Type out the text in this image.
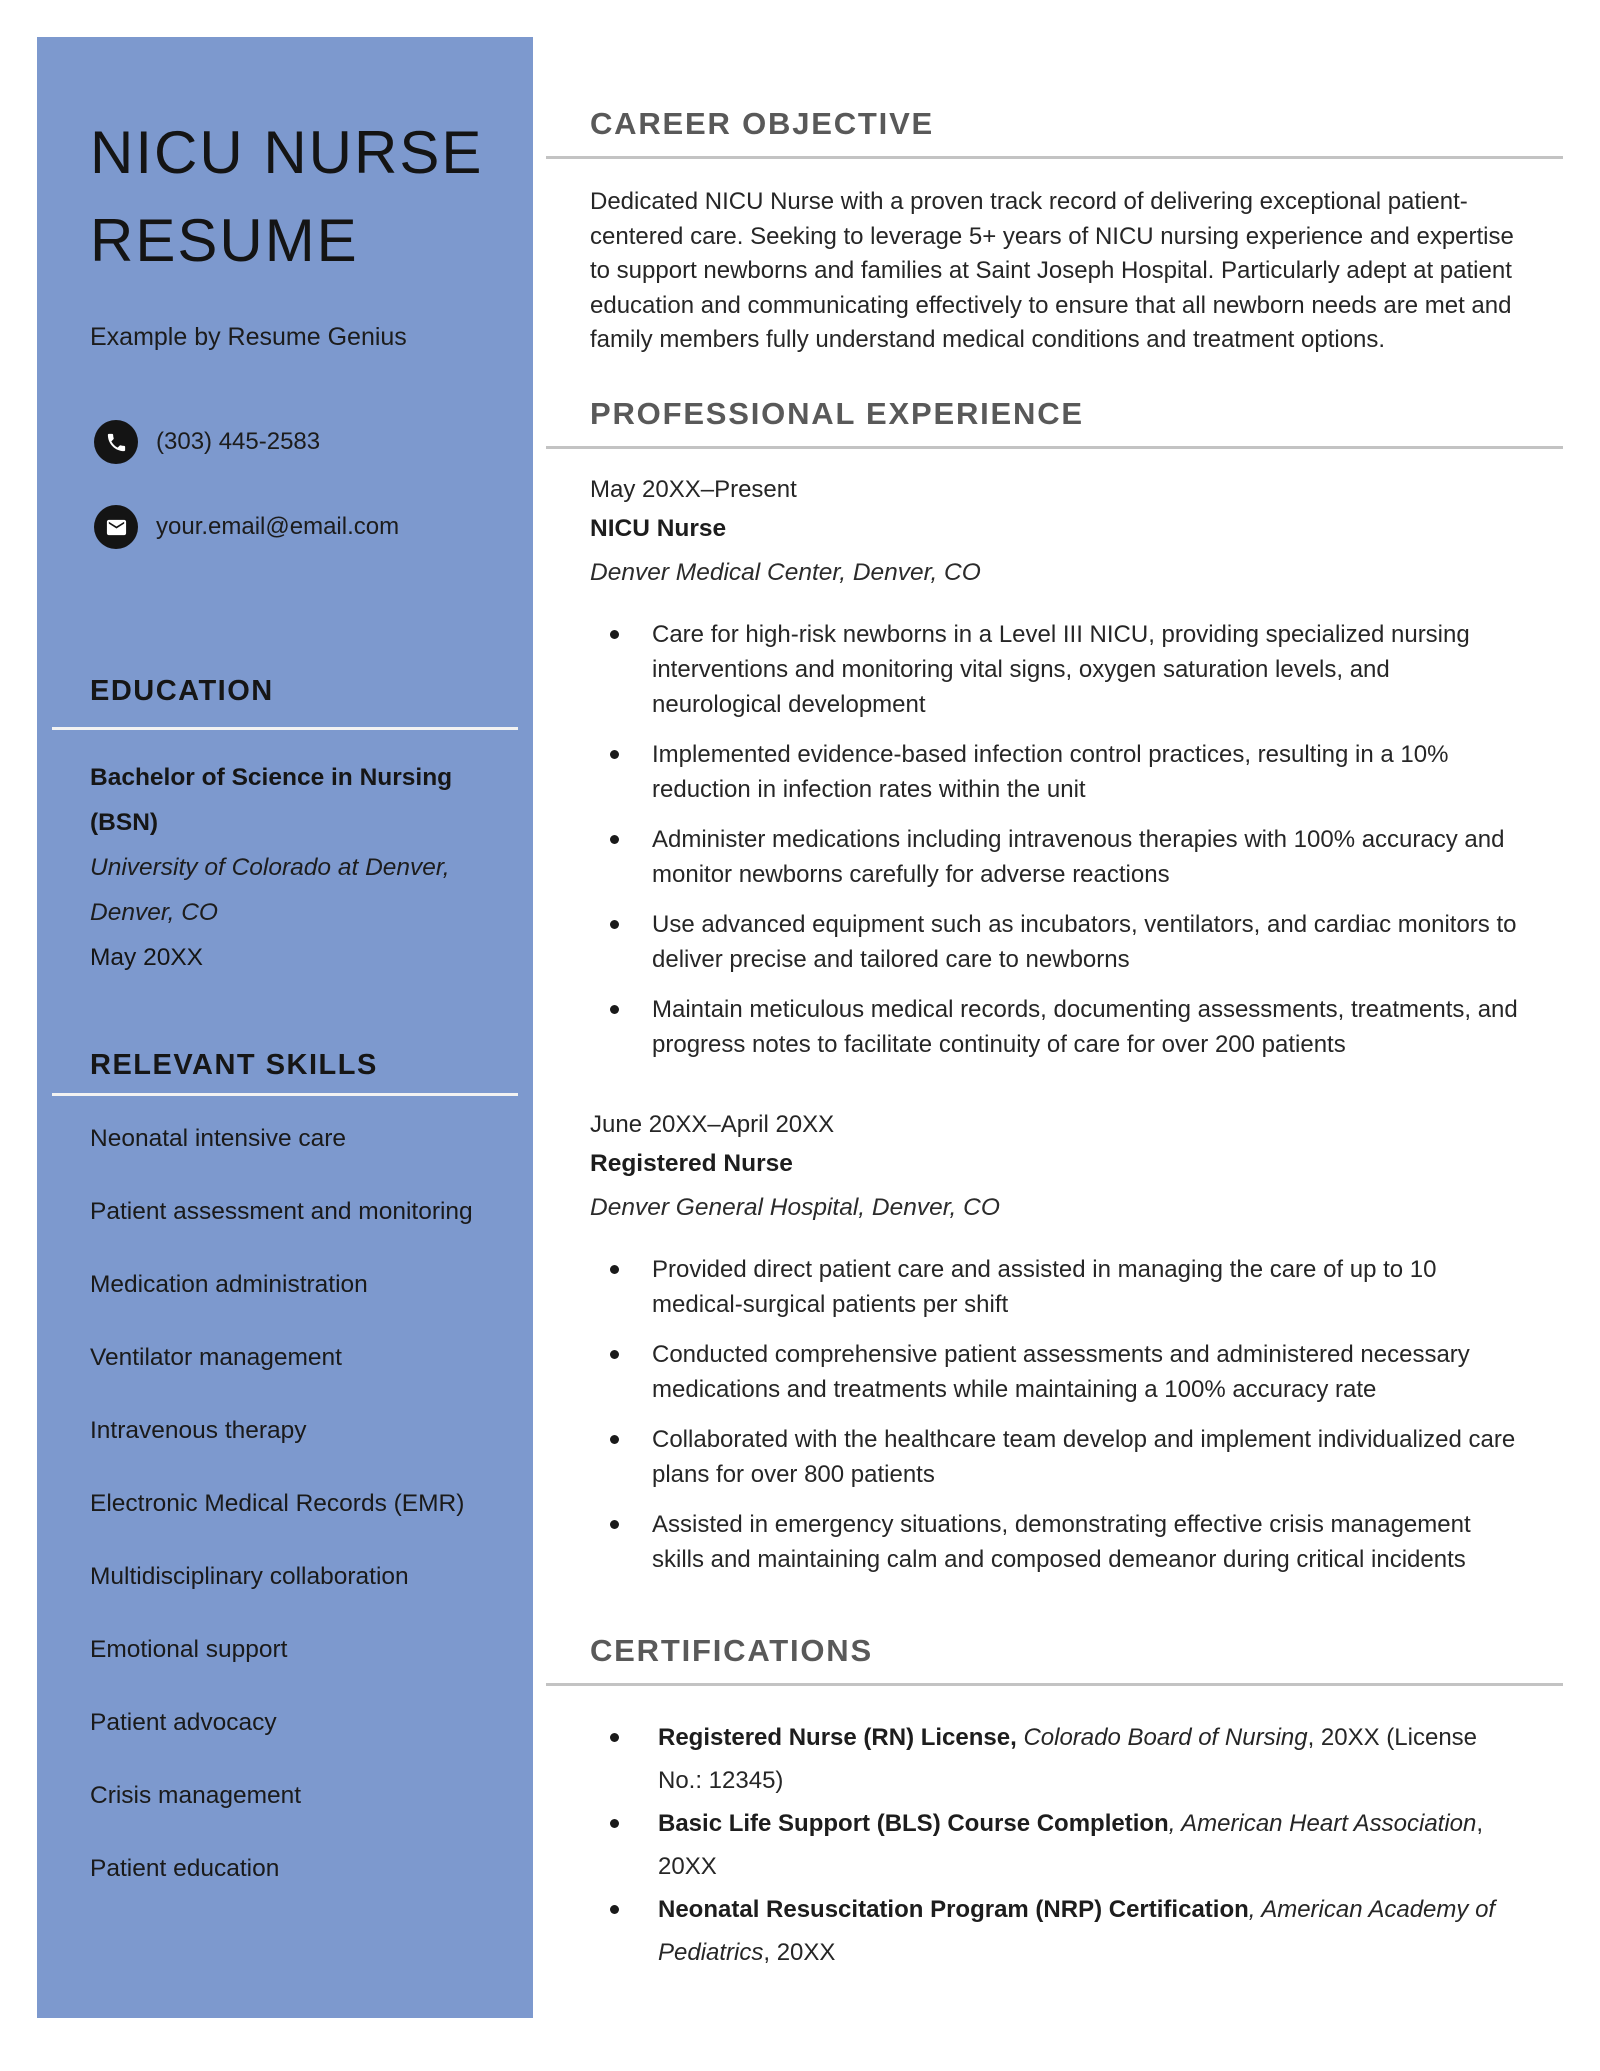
NICU NURSE
RESUME
Example by Resume Genius
(303) 445-2583
your.email@email.com
EDUCATION
Bachelor of Science in Nursing
(BSN)
University of Colorado at Denver,
Denver, CO
May 20XX
RELEVANT SKILLS
Neonatal intensive care
Patient assessment and monitoring
Medication administration
Ventilator management
Intravenous therapy
Electronic Medical Records (EMR)
Multidisciplinary collaboration
Emotional support
Patient advocacy
Crisis management
Patient education
CAREER OBJECTIVE

Dedicated NICU Nurse with a proven track record of delivering exceptional patient-centered care. Seeking to leverage 5+ years of NICU nursing experience and expertise to support newborns and families at Saint Joseph Hospital. Particularly adept at patient education and communicating effectively to ensure that all newborn needs are met and family members fully understand medical conditions and treatment options.

PROFESSIONAL EXPERIENCE
May 20XX–Present
NICU Nurse
Denver Medical Center, Denver, CO
Care for high-risk newborns in a Level III NICU, providing specialized nursing interventions and monitoring vital signs, oxygen saturation levels, and neurological development
Implemented evidence-based infection control practices, resulting in a 10% reduction in infection rates within the unit
Administer medications including intravenous therapies with 100% accuracy and monitor newborns carefully for adverse reactions
Use advanced equipment such as incubators, ventilators, and cardiac monitors to deliver precise and tailored care to newborns
Maintain meticulous medical records, documenting assessments, treatments, and progress notes to facilitate continuity of care for over 200 patients
June 20XX–April 20XX
Registered Nurse
Denver General Hospital, Denver, CO
Provided direct patient care and assisted in managing the care of up to 10 medical-surgical patients per shift
Conducted comprehensive patient assessments and administered necessary medications and treatments while maintaining a 100% accuracy rate
Collaborated with the healthcare team develop and implement individualized care plans for over 800 patients
Assisted in emergency situations, demonstrating effective crisis management skills and maintaining calm and composed demeanor during critical incidents
CERTIFICATIONS
Registered Nurse (RN) License, Colorado Board of Nursing, 20XX (License No.: 12345)
Basic Life Support (BLS) Course Completion, American Heart Association, 20XX
Neonatal Resuscitation Program (NRP) Certification, American Academy of Pediatrics, 20XX
